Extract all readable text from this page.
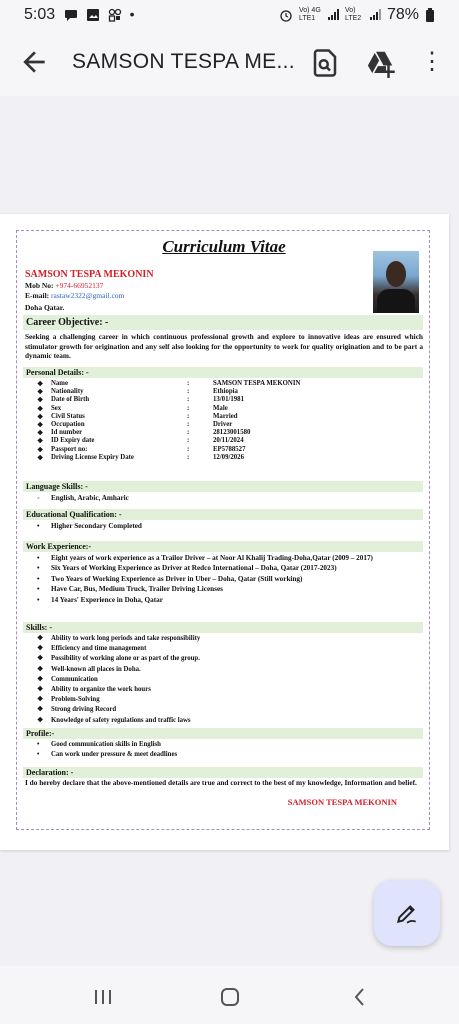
5:03	•	Vo) 4G LTE1
Vo) LTE2 78%
SAMSON TESPA ME...	⋮
Curriculum Vitae
SAMSON TESPA MEKONIN
Mob No: +974-66952137
E-mail: rastaw2322@gmail.com
Doha Qatar.
Career Objective: -
Seeking a challenging career in which continuous professional growth and explore to innovative ideas are ensured which stimulator growth for origination and any self also looking for the opportunity to work for quality origination and to be part a dynamic team.
Personal Details: -
❖ Name	:	SAMSON TESPA MEKONIN
❖ Nationality	:	Ethiopia
❖ Date of Birth	:	13/01/1981
❖ Sex	:	Male
❖ Civil Status	:	Married
❖ Occupation	:	Driver
❖ Id number	:	28123001580
❖ ID Expiry date	:	20/11/2024
❖ Passport no:	:	EP5788527
❖ Driving License Expiry Date	:	12/09/2026
Language Skills: -
◦ English, Arabic, Amharic
Educational Qualification: -
• Higher Secondary Completed
Work Experience:-
• Eight years of work experience as a Trailor Driver – at Noor Al Khalij Trading-Doha,Qatar (2009 – 2017)
• Six Years of Working Experience as Driver at Redco International – Doha, Qatar (2017-2023)
• Two Years of Working Experience as Driver in Uber – Doha, Qatar (Still working)
• Have Car, Bus, Medium Truck, Trailer Driving Licenses
• 14 Years' Experience in Doha, Qatar
Skills: -
❖ Ability to work long periods and take responsibility
❖ Efficiency and time management
❖ Possibility of working alone or as part of the group.
❖ Well-known all places in Doha.
❖ Communication
❖ Ability to organize the work hours
❖ Problem-Solving
❖ Strong driving Record
❖ Knowledge of safety regulations and traffic laws
Profile:-
• Good communication skills in English
• Can work under pressure & meet deadlines
Declaration: -
I do hereby declare that the above-mentioned details are true and correct to the best of my knowledge, Information and belief.
SAMSON TESPA MEKONIN
